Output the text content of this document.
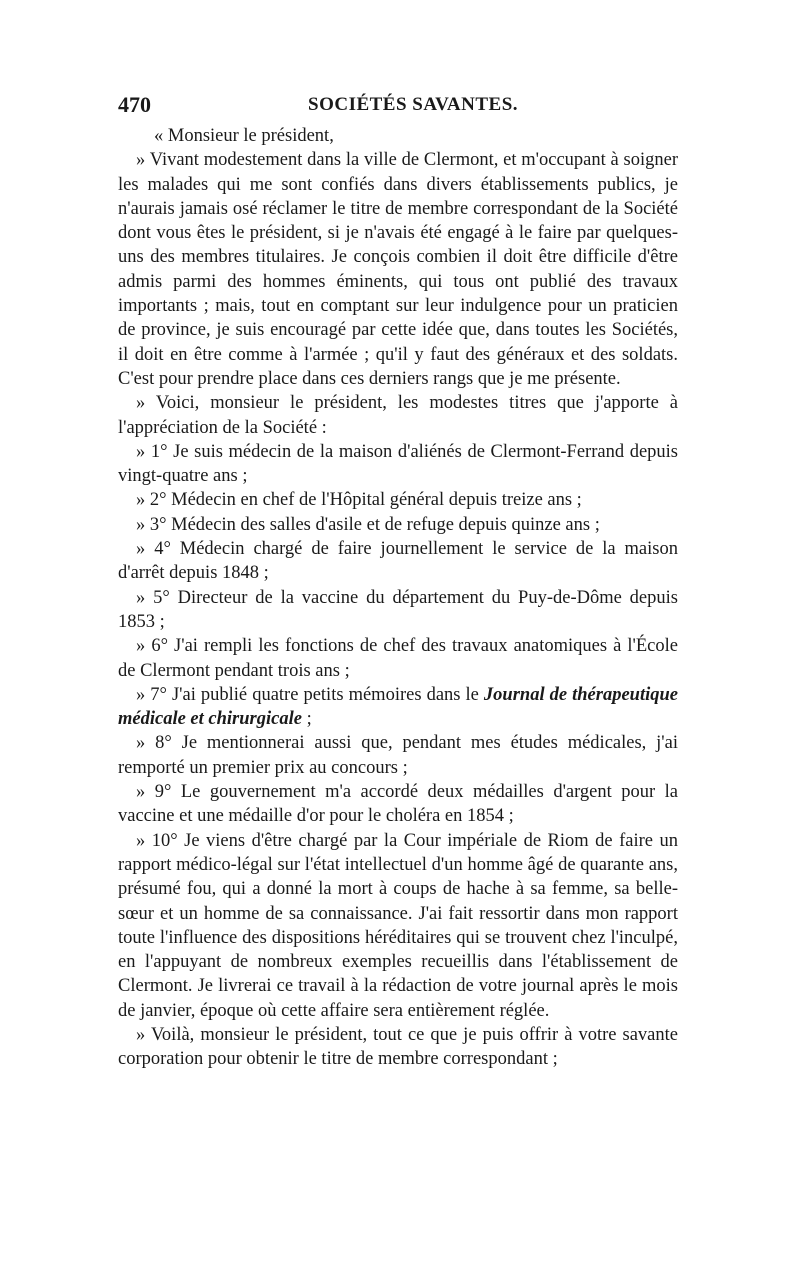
470	SOCIÉTÉS SAVANTES.

« Monsieur le président,

» Vivant modestement dans la ville de Clermont, et m'occupant à soigner les malades qui me sont confiés dans divers établissements publics, je n'aurais jamais osé réclamer le titre de membre correspondant de la Société dont vous êtes le président, si je n'avais été engagé à le faire par quelques-uns des membres titulaires. Je conçois combien il doit être difficile d'être admis parmi des hommes éminents, qui tous ont publié des travaux importants ; mais, tout en comptant sur leur indulgence pour un praticien de province, je suis encouragé par cette idée que, dans toutes les Sociétés, il doit en être comme à l'armée ; qu'il y faut des généraux et des soldats. C'est pour prendre place dans ces derniers rangs que je me présente.

» Voici, monsieur le président, les modestes titres que j'apporte à l'appréciation de la Société :

» 1° Je suis médecin de la maison d'aliénés de Clermont-Ferrand depuis vingt-quatre ans ;

» 2° Médecin en chef de l'Hôpital général depuis treize ans ;

» 3° Médecin des salles d'asile et de refuge depuis quinze ans ;

» 4° Médecin chargé de faire journellement le service de la maison d'arrêt depuis 1848 ;

» 5° Directeur de la vaccine du département du Puy-de-Dôme depuis 1853 ;

» 6° J'ai rempli les fonctions de chef des travaux anatomiques à l'École de Clermont pendant trois ans ;

» 7° J'ai publié quatre petits mémoires dans le Journal de thérapeutique médicale et chirurgicale ;

» 8° Je mentionnerai aussi que, pendant mes études médicales, j'ai remporté un premier prix au concours ;

» 9° Le gouvernement m'a accordé deux médailles d'argent pour la vaccine et une médaille d'or pour le choléra en 1854 ;

» 10° Je viens d'être chargé par la Cour impériale de Riom de faire un rapport médico-légal sur l'état intellectuel d'un homme âgé de quarante ans, présumé fou, qui a donné la mort à coups de hache à sa femme, sa belle-sœur et un homme de sa connaissance. J'ai fait ressortir dans mon rapport toute l'influence des dispositions héréditaires qui se trouvent chez l'inculpé, en l'appuyant de nombreux exemples recueillis dans l'établissement de Clermont. Je livrerai ce travail à la rédaction de votre journal après le mois de janvier, époque où cette affaire sera entièrement réglée.

» Voilà, monsieur le président, tout ce que je puis offrir à votre savante corporation pour obtenir le titre de membre correspondant ;
